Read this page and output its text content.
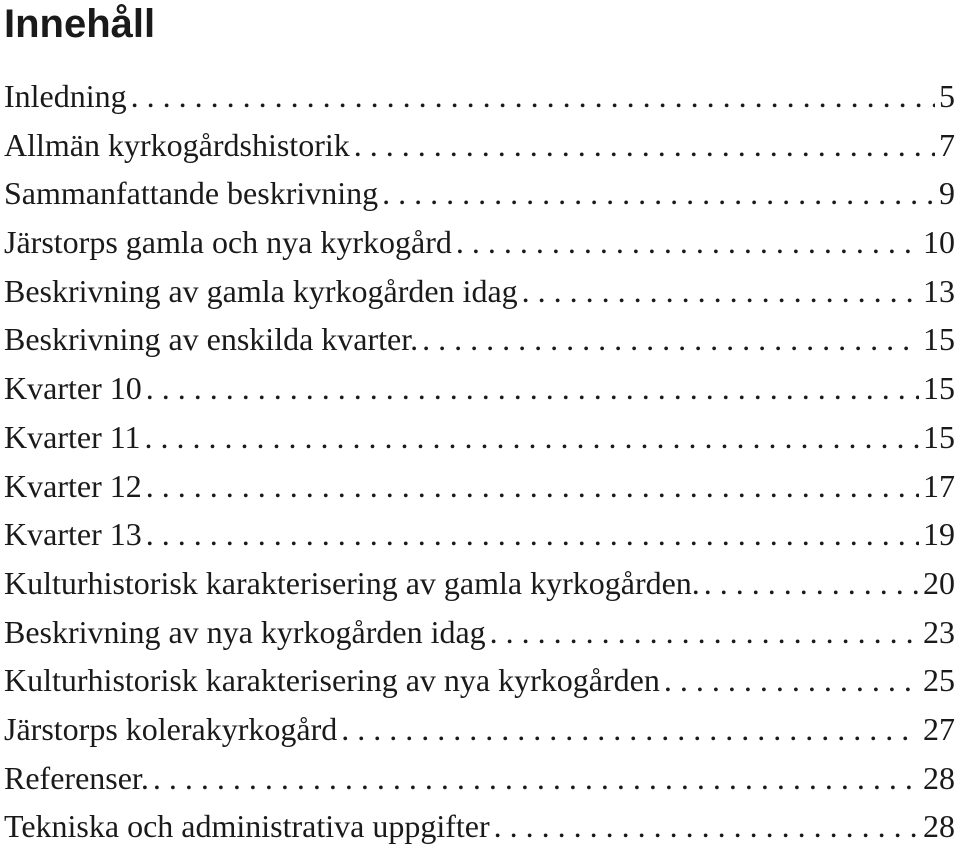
Innehåll
Inledning . . .	5
Allmän kyrkogårdshistorik . . .	7
Sammanfattande beskrivning . . .	9
Järstorps gamla och nya kyrkogård . . .	10
Beskrivning av gamla kyrkogården idag . . .	13
Beskrivning av enskilda kvarter. . . .	15
Kvarter 10 . . .	15
Kvarter 11 . . .	15
Kvarter 12 . . .	17
Kvarter 13 . . .	19
Kulturhistorisk karakterisering av gamla kyrkogården. . . .	20
Beskrivning av nya kyrkogården idag . . .	23
Kulturhistorisk karakterisering av nya kyrkogården . . .	25
Järstorps kolerakyrkogård . . .	27
Referenser. . . .	28
Tekniska och administrativa uppgifter . . .	28
